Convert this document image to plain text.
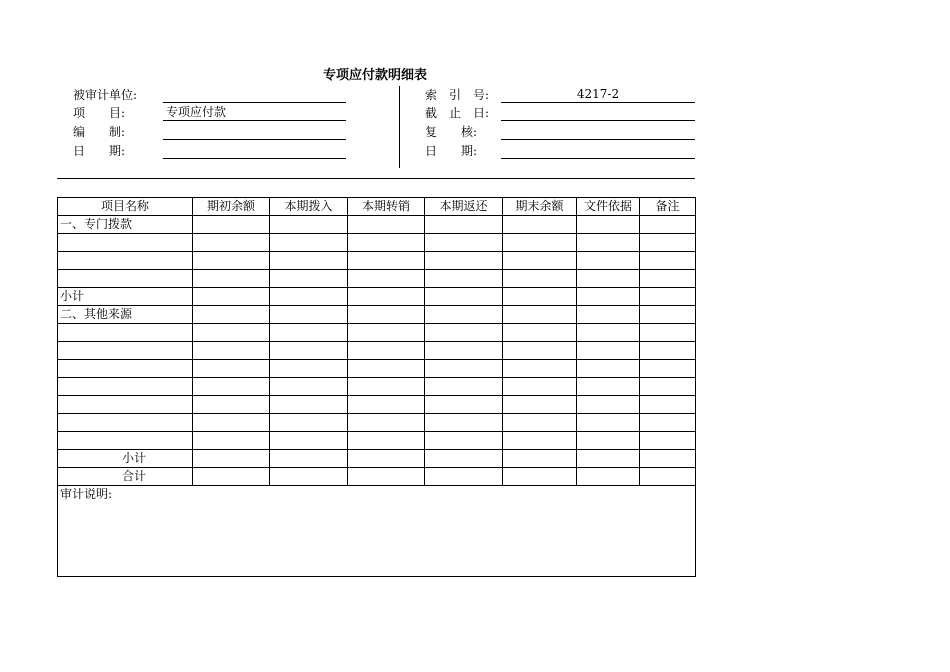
专项应付款明细表
被审计单位:
项　　目:	专项应付款
编　　制:
日　　期:
索　引　号:	4217-2
截　止　日:
复　　核:
日　　期:
项目名称	期初余额	本期拨入	本期转销	本期返还	期末余额	文件依据	备注
一、专门拨款							

小计							
二、其他来源							

小计							
合计							
审计说明:							
